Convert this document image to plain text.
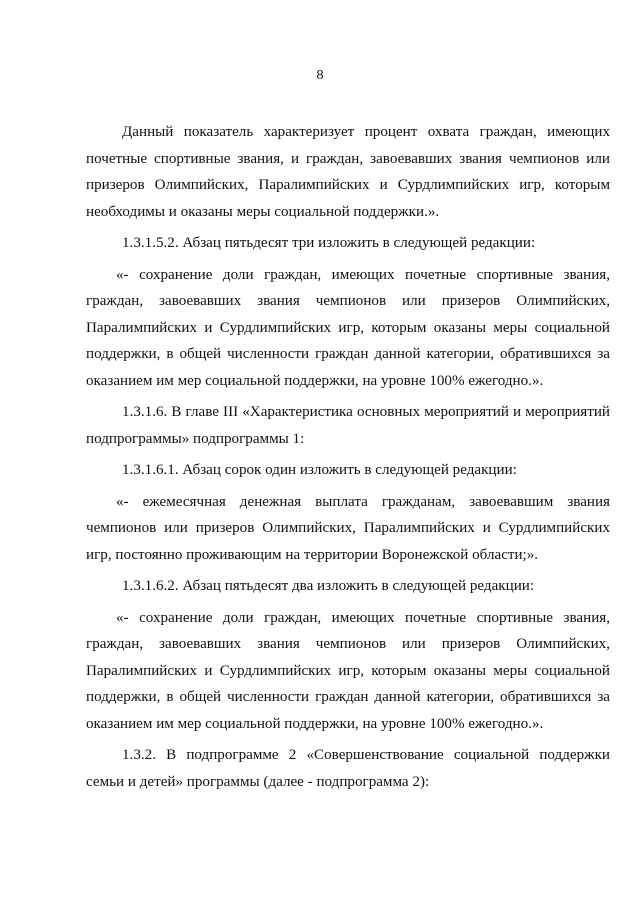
8

Данный показатель характеризует процент охвата граждан, имеющих почетные спортивные звания, и граждан, завоевавших звания чемпионов или призеров Олимпийских, Паралимпийских и Сурдлимпийских игр, которым необходимы и оказаны меры социальной поддержки.».

1.3.1.5.2. Абзац пятьдесят три изложить в следующей редакции:

«- сохранение доли граждан, имеющих почетные спортивные звания, граждан, завоевавших звания чемпионов или призеров Олимпийских, Паралимпийских и Сурдлимпийских игр, которым оказаны меры социальной поддержки, в общей численности граждан данной категории, обратившихся за оказанием им мер социальной поддержки, на уровне 100% ежегодно.».

1.3.1.6. В главе III «Характеристика основных мероприятий и мероприятий подпрограммы» подпрограммы 1:

1.3.1.6.1. Абзац сорок один изложить в следующей редакции:

«- ежемесячная денежная выплата гражданам, завоевавшим звания чемпионов или призеров Олимпийских, Паралимпийских и Сурдлимпийских игр, постоянно проживающим на территории Воронежской области;».

1.3.1.6.2. Абзац пятьдесят два изложить в следующей редакции:

«- сохранение доли граждан, имеющих почетные спортивные звания, граждан, завоевавших звания чемпионов или призеров Олимпийских, Паралимпийских и Сурдлимпийских игр, которым оказаны меры социальной поддержки, в общей численности граждан данной категории, обратившихся за оказанием им мер социальной поддержки, на уровне 100% ежегодно.».

1.3.2. В подпрограмме 2 «Совершенствование социальной поддержки семьи и детей» программы (далее - подпрограмма 2):
